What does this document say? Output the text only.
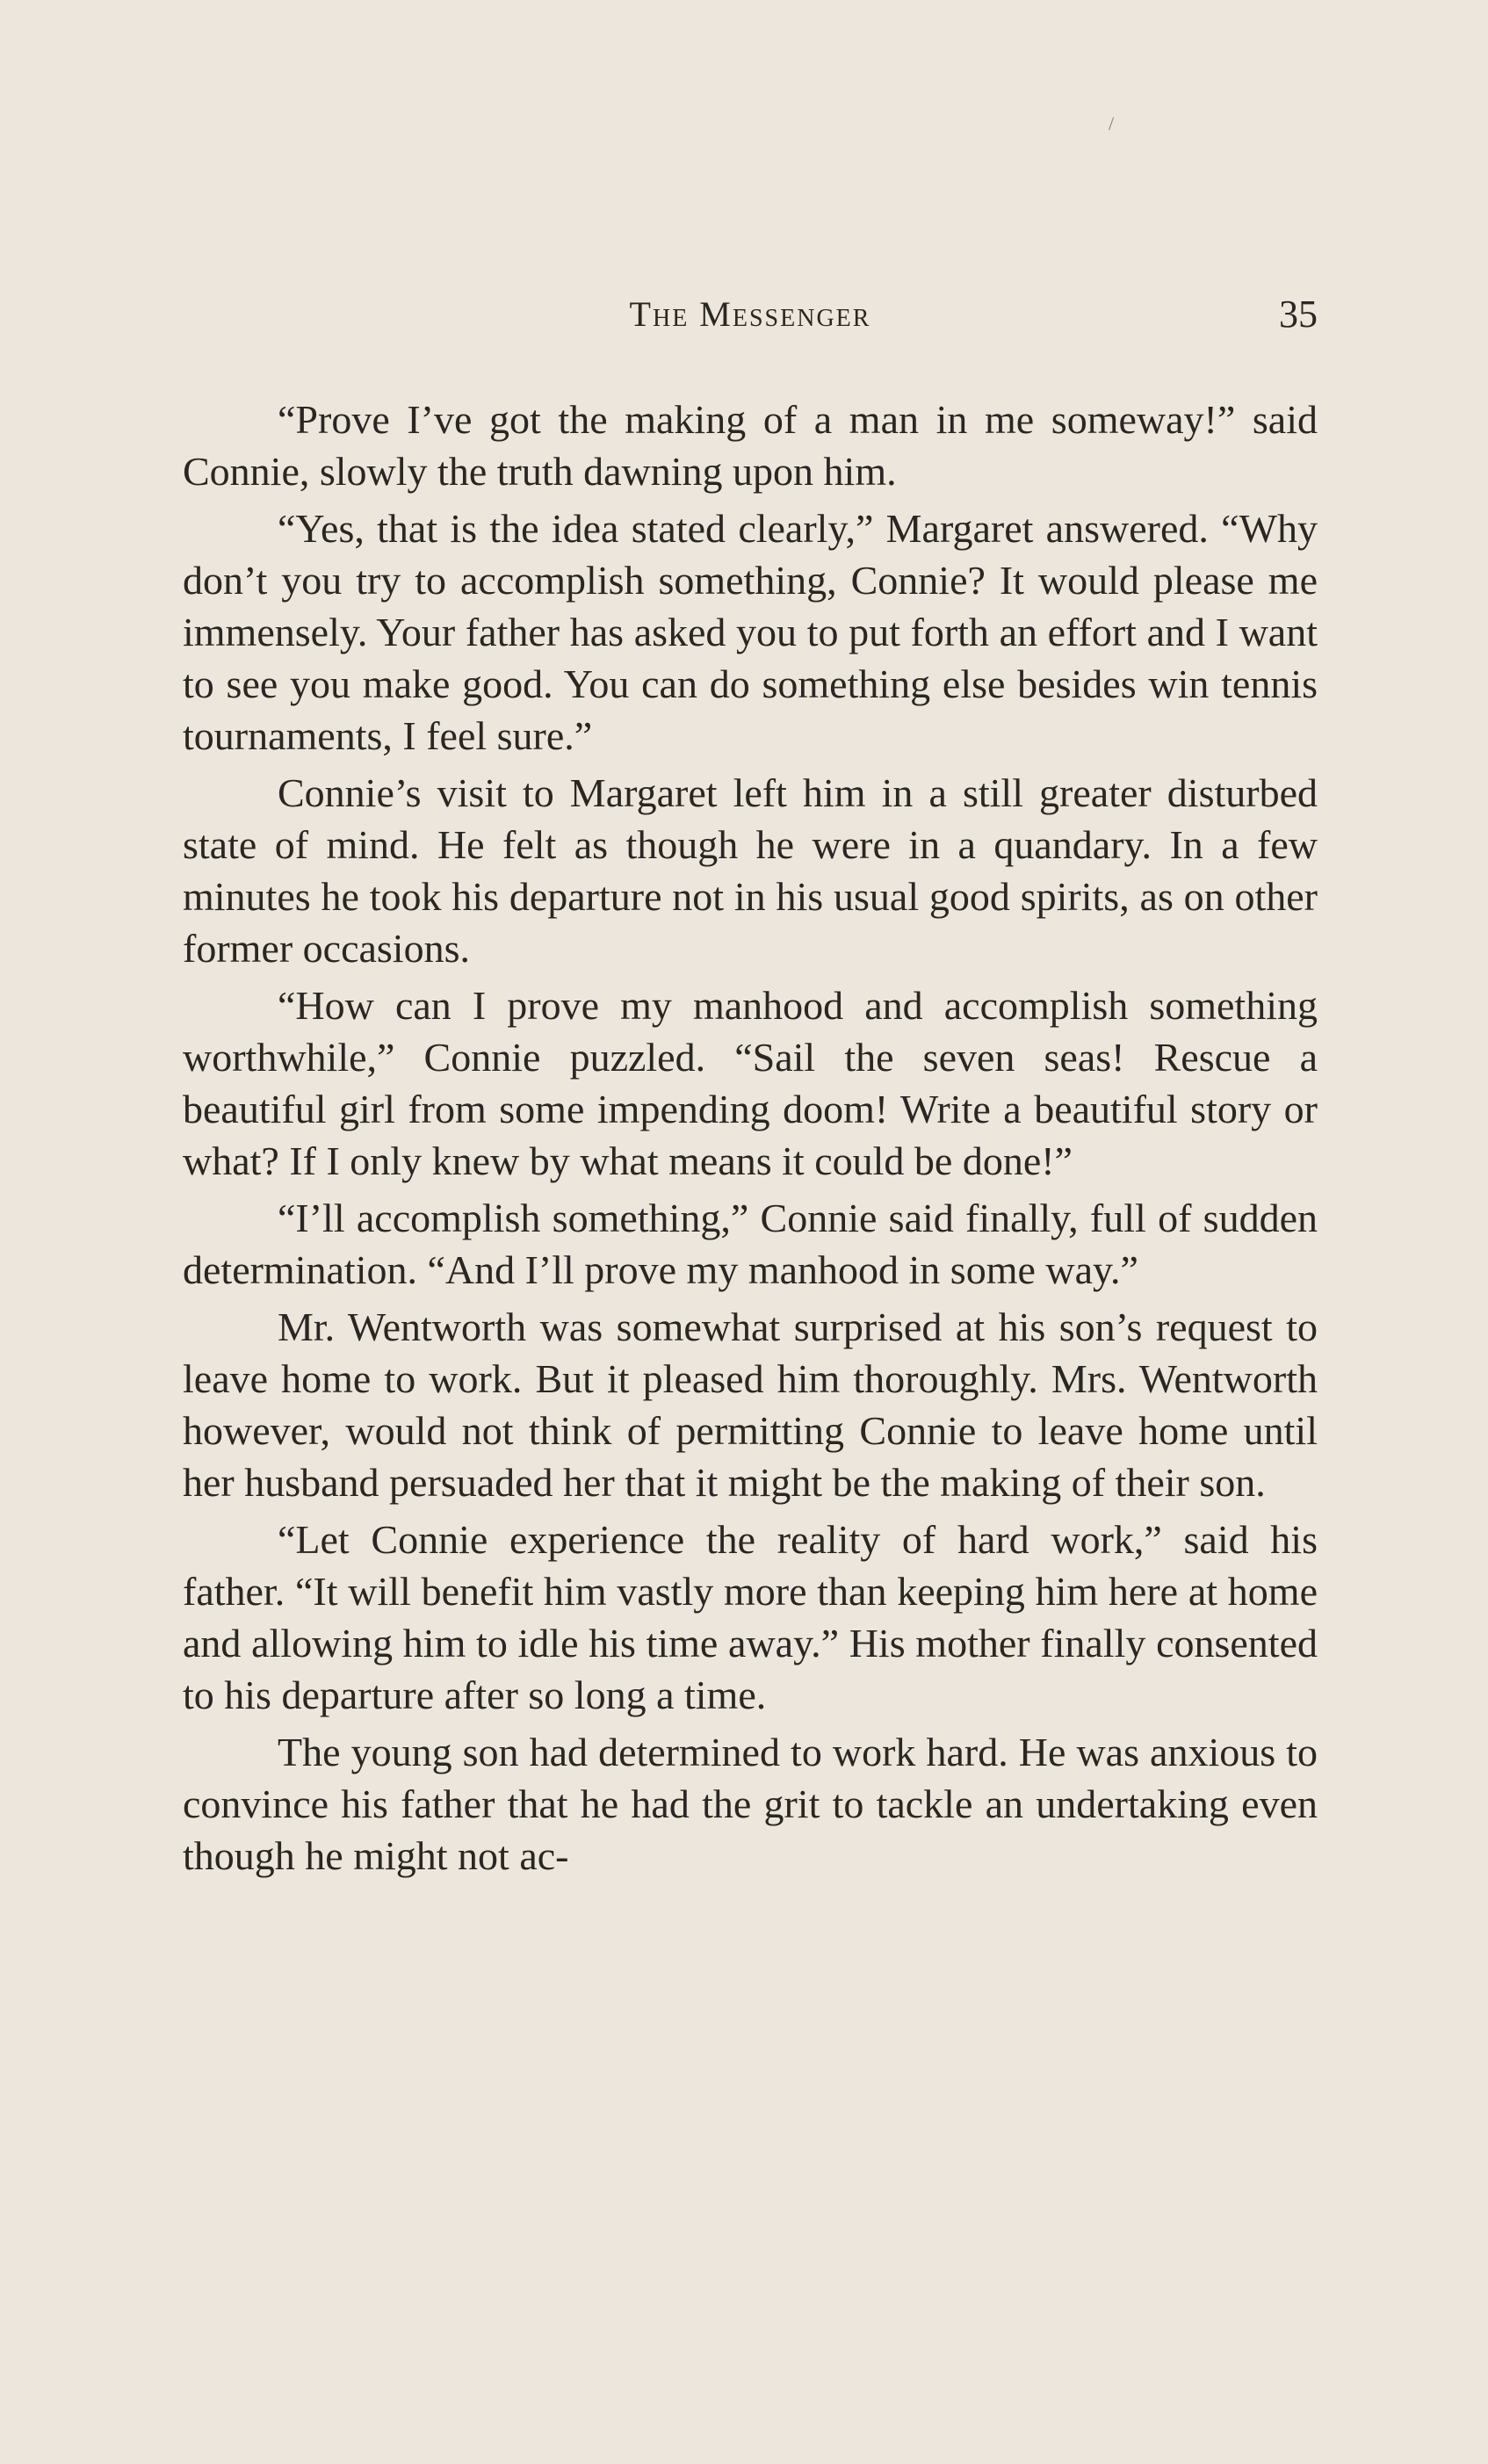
/
The Messenger	35

“Prove I’ve got the making of a man in me someway!” said Connie, slowly the truth dawning upon him.

“Yes, that is the idea stated clearly,” Margaret answered. “Why don’t you try to accomplish something, Connie? It would please me immensely. Your father has asked you to put forth an effort and I want to see you make good. You can do something else besides win tennis tournaments, I feel sure.”

Connie’s visit to Margaret left him in a still greater disturbed state of mind. He felt as though he were in a quandary. In a few minutes he took his departure not in his usual good spirits, as on other former occasions.

“How can I prove my manhood and accomplish something worthwhile,” Connie puzzled. “Sail the seven seas! Rescue a beautiful girl from some impending doom! Write a beautiful story or what? If I only knew by what means it could be done!”

“I’ll accomplish something,” Connie said finally, full of sudden determination. “And I’ll prove my manhood in some way.”

Mr. Wentworth was somewhat surprised at his son’s request to leave home to work. But it pleased him thoroughly. Mrs. Wentworth however, would not think of permitting Connie to leave home until her husband persuaded her that it might be the making of their son.

“Let Connie experience the reality of hard work,” said his father. “It will benefit him vastly more than keeping him here at home and allowing him to idle his time away.” His mother finally consented to his departure after so long a time.

The young son had determined to work hard. He was anxious to convince his father that he had the grit to tackle an undertaking even though he might not ac-
